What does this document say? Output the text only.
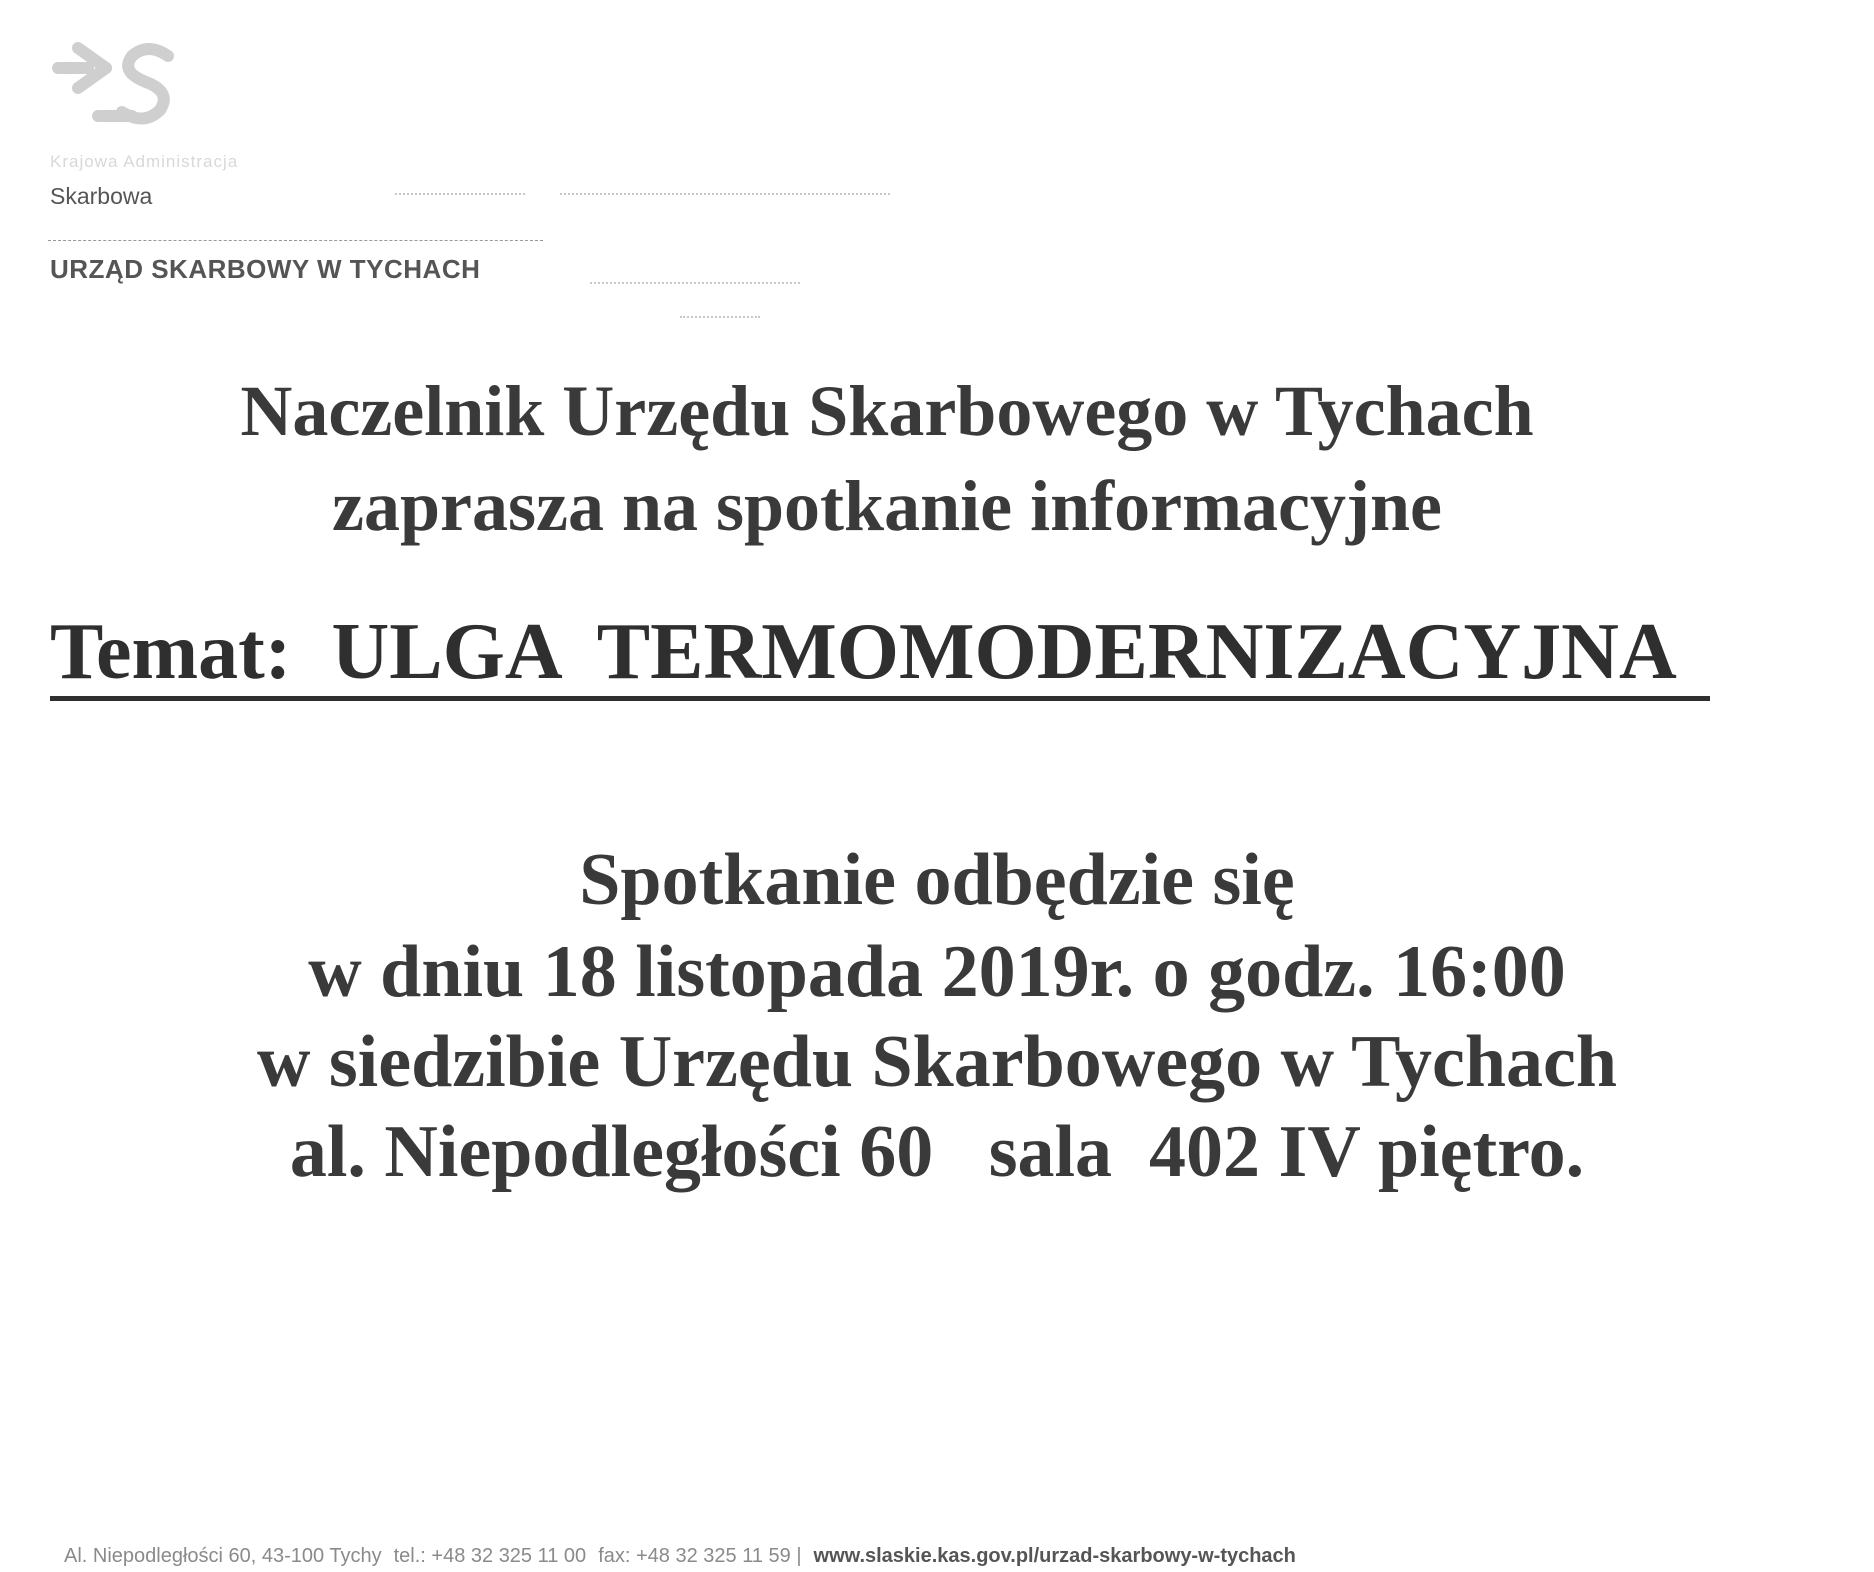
KAS
Krajowa Administracja
Skarbowa
URZĄD SKARBOWY W TYCHACH
Naczelnik Urzędu Skarbowego w Tychach
zaprasza na spotkanie informacyjne
Temat: ULGA  TERMOMODERNIZACYJNA
Spotkanie odbędzie się
w dniu 18 listopada 2019r. o godz. 16:00
w siedzibie Urzędu Skarbowego w Tychach
al. Niepodległości 60   sala  402 IV piętro.
Al. Niepodległości 60, 43-100 Tychy tel.: +48 32 325 11 00 fax: +48 32 325 11 59 | www.slaskie.kas.gov.pl/urzad-skarbowy-w-tychach
